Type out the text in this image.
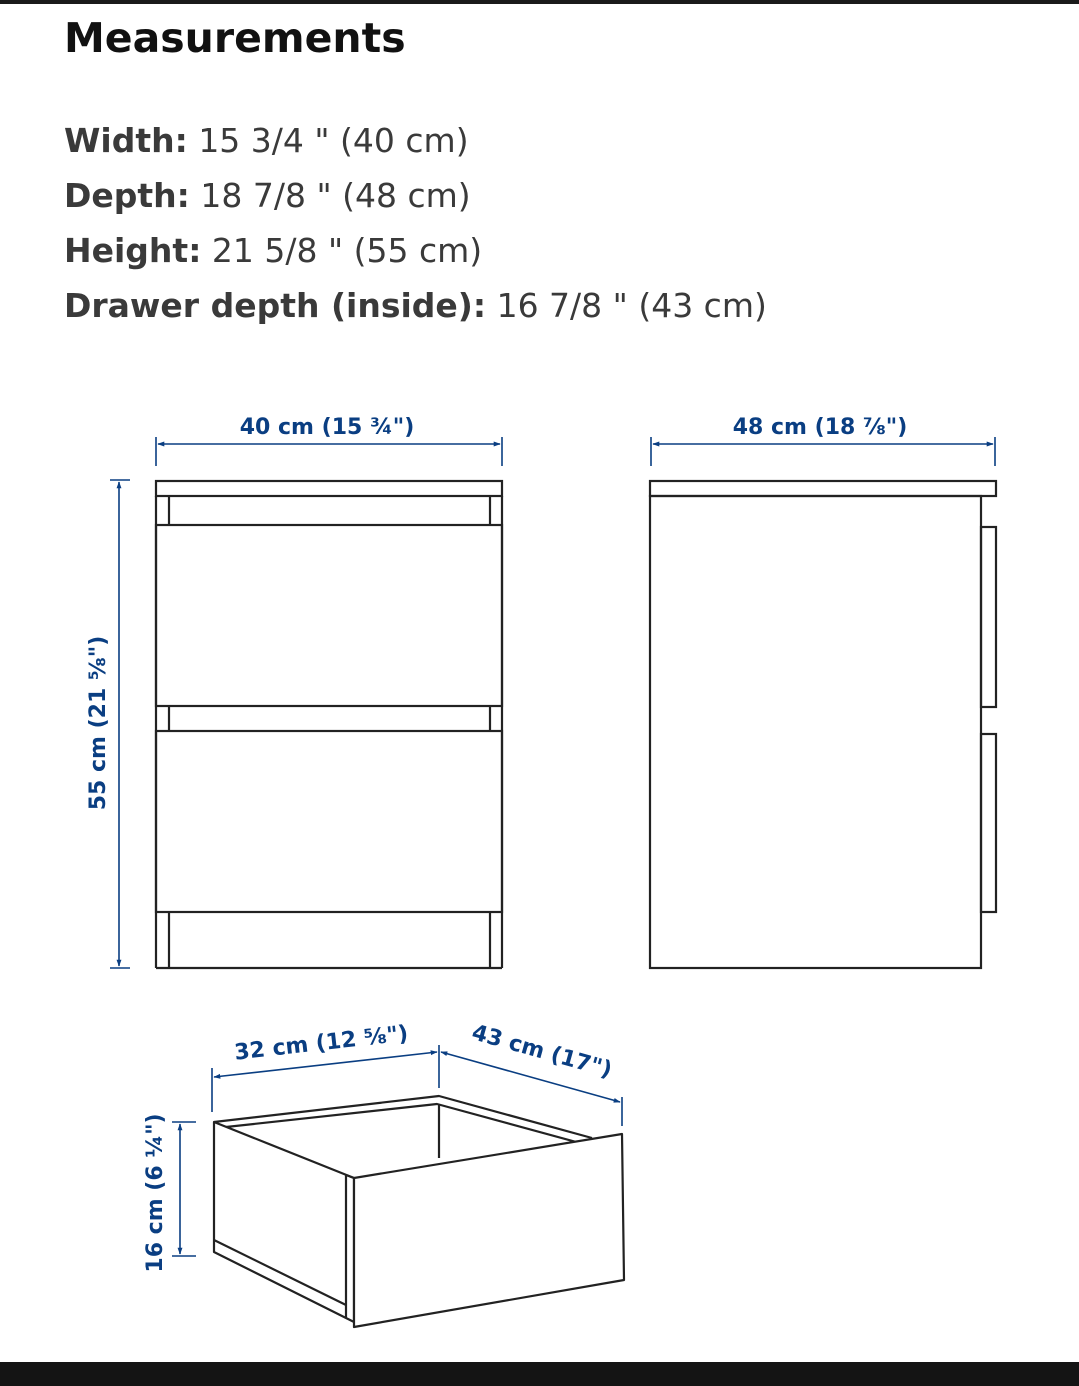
Measurements
Width: 15 3/4 " (40 cm)
Depth: 18 7/8 " (48 cm)
Height: 21 5/8 " (55 cm)
Drawer depth (inside): 16 7/8 " (43 cm)
40 cm (15 ¾")
55 cm (21 ⅝")
48 cm (18 ⅞")
32 cm (12 ⅝")	43 cm (17")
16 cm (6 ¼")
